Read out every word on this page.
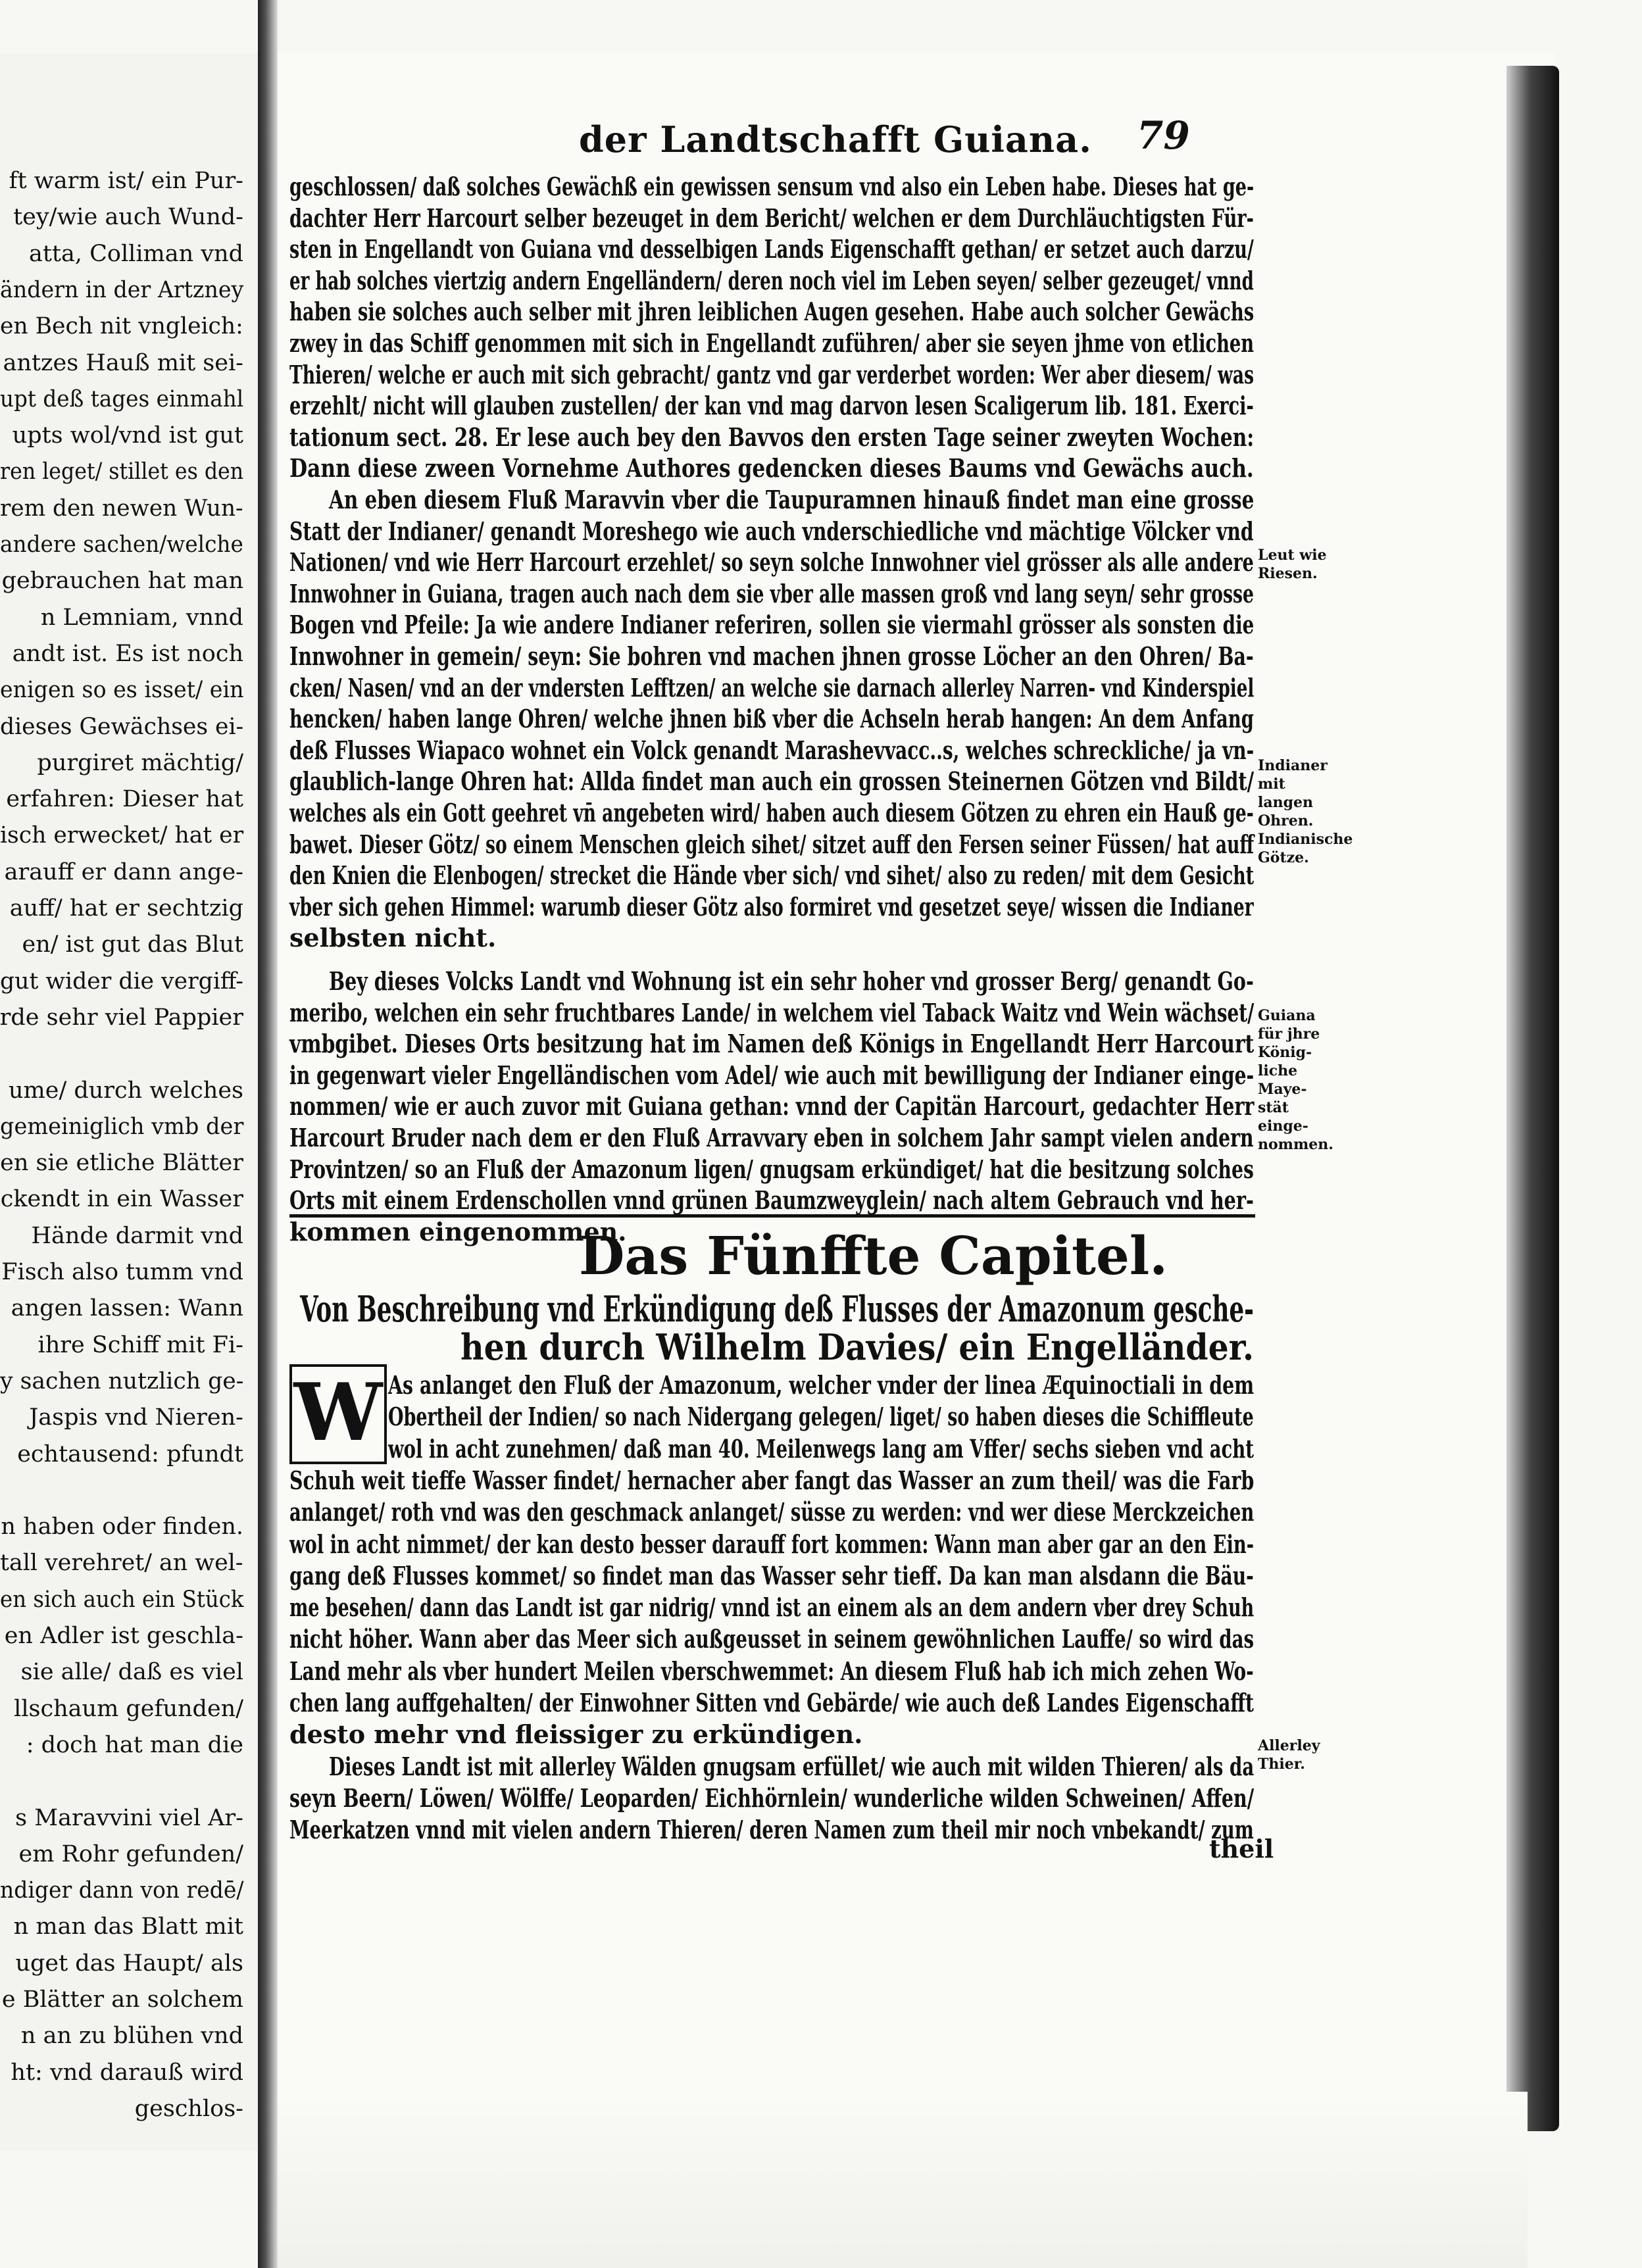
ft warm ist/ ein Pur-
tey/wie auch Wund-
atta, Colliman vnd
ändern in der Artzney
en Bech nit vngleich:
antzes Hauß mit sei-
upt deß tages einmahl
upts wol/vnd ist gut
ren leget/ stillet es den
rem den newen Wun-
andere sachen/welche
gebrauchen hat man
n Lemniam, vnnd
andt ist. Es ist noch
enigen so es isset/ ein
dieses Gewächses ei-
purgiret mächtig/
erfahren: Dieser hat
isch erwecket/ hat er
arauff er dann ange-
auff/ hat er sechtzig
en/ ist gut das Blut
gut wider die vergiff-
rde sehr viel Pappier
ume/ durch welches
gemeiniglich vmb der
en sie etliche Blätter
ckendt in ein Wasser
Hände darmit vnd
Fisch also tumm vnd
angen lassen: Wann
ihre Schiff mit Fi-
y sachen nutzlich ge-
Jaspis vnd Nieren-
echtausend: pfundt
n haben oder finden.
tall verehret/ an wel-
en sich auch ein Stück
en Adler ist geschla-
sie alle/ daß es viel
llschaum gefunden/
: doch hat man die
s Maravvini viel Ar-
em Rohr gefunden/
ndiger dann von redē/
n man das Blatt mit
uget das Haupt/ als
e Blätter an solchem
n an zu blühen vnd
ht: vnd darauß wird
geschlos-
der Landtschafft Guiana. 79
Leut wie Riesen.
Indianer mit langen Ohren.
Indianische Götze.
Guiana für jhre König-liche Maye-stät einge-nommen.
Allerley Thier.
Das Fünffte Capitel.
Von Beschreibung vnd Erkündigung deß Flusses der Amazonum gesche-
hen durch Wilhelm Davies/ ein Engelländer.
W
theil
geschlossen/ daß solches Gewächß ein gewissen sensum vnd also ein Leben habe. Dieses hat ge-
dachter Herr Harcourt selber bezeuget in dem Bericht/ welchen er dem Durchläuchtigsten Für-
sten in Engellandt von Guiana vnd desselbigen Lands Eigenschafft gethan/ er setzet auch darzu/
er hab solches viertzig andern Engelländern/ deren noch viel im Leben seyen/ selber gezeuget/ vnnd
haben sie solches auch selber mit jhren leiblichen Augen gesehen. Habe auch solcher Gewächs
zwey in das Schiff genommen mit sich in Engellandt zuführen/ aber sie seyen jhme von etlichen
Thieren/ welche er auch mit sich gebracht/ gantz vnd gar verderbet worden: Wer aber diesem/ was
erzehlt/ nicht will glauben zustellen/ der kan vnd mag darvon lesen Scaligerum lib. 181. Exerci-
tationum sect. 28. Er lese auch bey den Bavvos den ersten Tage seiner zweyten Wochen:
Dann diese zween Vornehme Authores gedencken dieses Baums vnd Gewächs auch.
An eben diesem Fluß Maravvin vber die Taupuramnen hinauß findet man eine grosse
Statt der Indianer/ genandt Moreshego wie auch vnderschiedliche vnd mächtige Völcker vnd
Nationen/ vnd wie Herr Harcourt erzehlet/ so seyn solche Innwohner viel grösser als alle andere
Innwohner in Guiana, tragen auch nach dem sie vber alle massen groß vnd lang seyn/ sehr grosse
Bogen vnd Pfeile: Ja wie andere Indianer referiren, sollen sie viermahl grösser als sonsten die
Innwohner in gemein/ seyn: Sie bohren vnd machen jhnen grosse Löcher an den Ohren/ Ba-
cken/ Nasen/ vnd an der vndersten Lefftzen/ an welche sie darnach allerley Narren- vnd Kinderspiel
hencken/ haben lange Ohren/ welche jhnen biß vber die Achseln herab hangen: An dem Anfang
deß Flusses Wiapaco wohnet ein Volck genandt Marashevvacc..s, welches schreckliche/ ja vn-
glaublich-lange Ohren hat: Allda findet man auch ein grossen Steinernen Götzen vnd Bildt/
welches als ein Gott geehret vn̄ angebeten wird/ haben auch diesem Götzen zu ehren ein Hauß ge-
bawet. Dieser Götz/ so einem Menschen gleich sihet/ sitzet auff den Fersen seiner Füssen/ hat auff
den Knien die Elenbogen/ strecket die Hände vber sich/ vnd sihet/ also zu reden/ mit dem Gesicht
vber sich gehen Himmel: warumb dieser Götz also formiret vnd gesetzet seye/ wissen die Indianer
selbsten nicht.
Bey dieses Volcks Landt vnd Wohnung ist ein sehr hoher vnd grosser Berg/ genandt Go-
meribo, welchen ein sehr fruchtbares Lande/ in welchem viel Taback Waitz vnd Wein wächset/
vmbgibet. Dieses Orts besitzung hat im Namen deß Königs in Engellandt Herr Harcourt
in gegenwart vieler Engelländischen vom Adel/ wie auch mit bewilligung der Indianer einge-
nommen/ wie er auch zuvor mit Guiana gethan: vnnd der Capitän Harcourt, gedachter Herr
Harcourt Bruder nach dem er den Fluß Arravvary eben in solchem Jahr sampt vielen andern
Provintzen/ so an Fluß der Amazonum ligen/ gnugsam erkündiget/ hat die besitzung solches
Orts mit einem Erdenschollen vnnd grünen Baumzweyglein/ nach altem Gebrauch vnd her-
kommen eingenommen.
As anlanget den Fluß der Amazonum, welcher vnder der linea Æquinoctiali in dem
Obertheil der Indien/ so nach Nidergang gelegen/ liget/ so haben dieses die Schiffleute
wol in acht zunehmen/ daß man 40. Meilenwegs lang am Vffer/ sechs sieben vnd acht
Schuh weit tieffe Wasser findet/ hernacher aber fangt das Wasser an zum theil/ was die Farb
anlanget/ roth vnd was den geschmack anlanget/ süsse zu werden: vnd wer diese Merckzeichen
wol in acht nimmet/ der kan desto besser darauff fort kommen: Wann man aber gar an den Ein-
gang deß Flusses kommet/ so findet man das Wasser sehr tieff. Da kan man alsdann die Bäu-
me besehen/ dann das Landt ist gar nidrig/ vnnd ist an einem als an dem andern vber drey Schuh
nicht höher. Wann aber das Meer sich außgeusset in seinem gewöhnlichen Lauffe/ so wird das
Land mehr als vber hundert Meilen vberschwemmet: An diesem Fluß hab ich mich zehen Wo-
chen lang auffgehalten/ der Einwohner Sitten vnd Gebärde/ wie auch deß Landes Eigenschafft
desto mehr vnd fleissiger zu erkündigen.
Dieses Landt ist mit allerley Wälden gnugsam erfüllet/ wie auch mit wilden Thieren/ als da
seyn Beern/ Löwen/ Wölffe/ Leoparden/ Eichhörnlein/ wunderliche wilden Schweinen/ Affen/
Meerkatzen vnnd mit vielen andern Thieren/ deren Namen zum theil mir noch vnbekandt/ zum
